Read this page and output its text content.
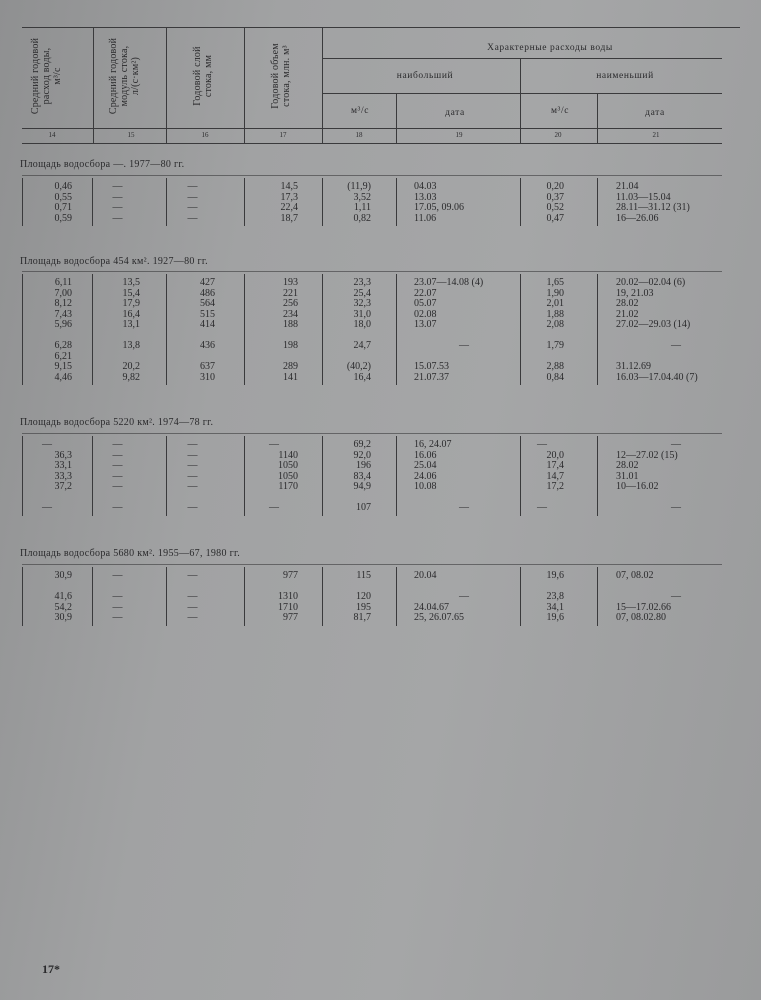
Средний годовой
расход воды,
м³/с	Средний годовой
модуль стока,
л/(с·км²)	Годовой слой
стока, мм
Годовой объем
стока, млн. м³	Характерные расходы воды
наибольший	наименьший
м³/с	дата	м³/с	дата
14	15	16	17	18	19	20	21
Площадь водосбора —. 1977—80 гг.
Площадь водосбора 454 км². 1927—80 гг.
Площадь водосбора 5220 км². 1974—78 гг.
Площадь водосбора 5680 км². 1955—67, 1980 гг.
0,46	—	—	14,5	(11,9)	04.03	0,20	21.04
0,55	—	—	17,3	3,52	13.03	0,37	11.03—15.04
0,71	—	—	22,4	1,11	17.05, 09.06	0,52	28.11—31.12 (31)
0,59	—	—	18,7	0,82	11.06	0,47	16—26.06
6,11	13,5	427	193	23,3	23.07—14.08 (4)	1,65	20.02—02.04 (6)
7,00	15,4	486	221	25,4	22.07	1,90	19, 21.03
8,12	17,9	564	256	32,3	05.07	2,01	28.02
7,43	16,4	515	234	31,0	02.08	1,88	21.02
5,96	13,1	414	188	18,0	13.07	2,08	27.02—29.03 (14)
6,28	13,8	436	198	24,7	—	1,79	—
6,21
9,15	20,2	637	289	(40,2)	15.07.53	2,88	31.12.69
4,46	9,82	310	141	16,4	21.07.37	0,84	16.03—17.04.40 (7)
—	—	—	—	69,2	16, 24.07	—	—
36,3	—	—	1140	92,0	16.06	20,0	12—27.02 (15)
33,1	—	—	1050	196	25.04	17,4	28.02
33,3	—	—	1050	83,4	24.06	14,7	31.01
37,2	—	—	1170	94,9	10.08	17,2	10—16.02
—	—	—	—	107	—	—	—
30,9	—	—	977	115	20.04	19,6	07, 08.02
41,6	—	—	1310	120	—	23,8	—
54,2	—	—	1710	195	24.04.67	34,1	15—17.02.66
30,9	—	—	977	81,7	25, 26.07.65	19,6	07, 08.02.80
17*
